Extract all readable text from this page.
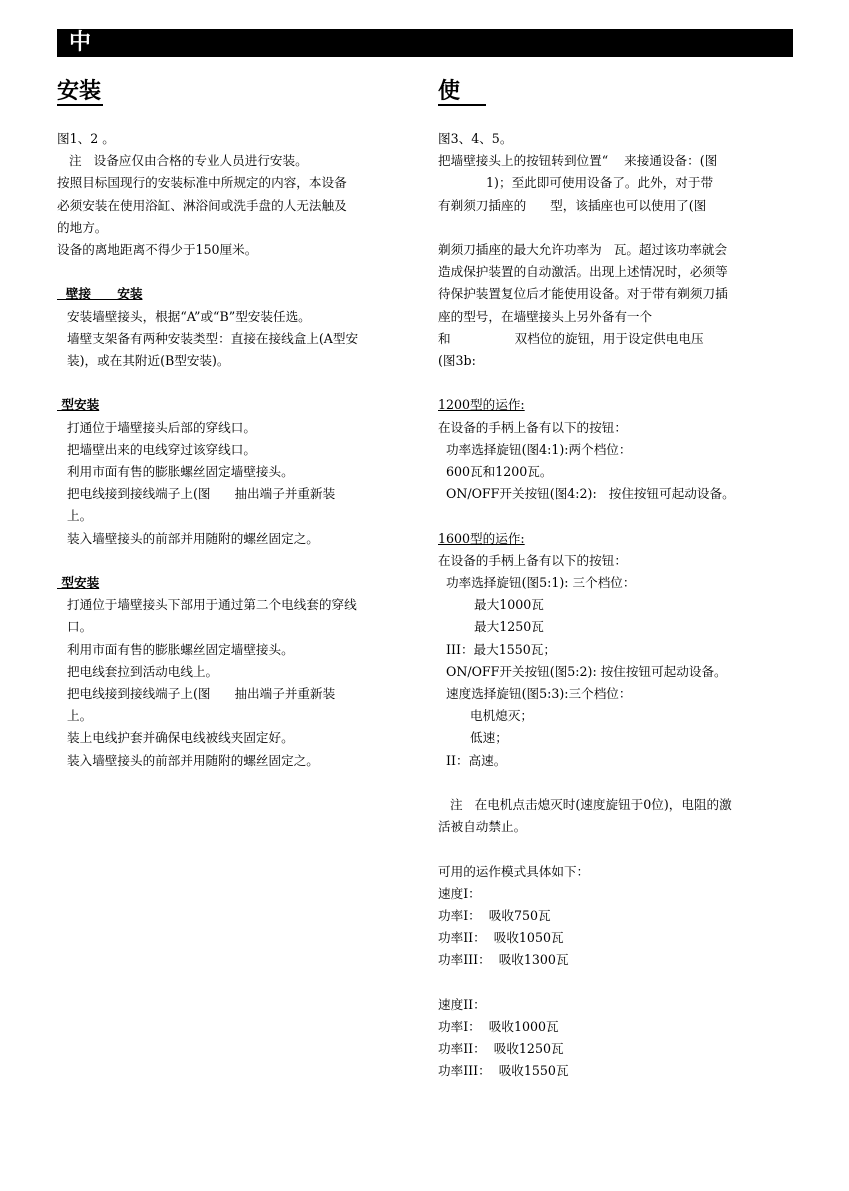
中
安装
图1、2 。
注   设备应仅由合格的专业人员进行安装。
按照目标国现行的安装标准中所规定的内容，本设备
必须安装在使用浴缸、淋浴间或洗手盘的人无法触及
的地方。
设备的离地距离不得少于150厘米。
壁接      安装
安装墙壁接头，根据“A”或“B”型安装任选。
墙壁支架备有两种安装类型：直接在接线盒上(A型安
装)，或在其附近(B型安装)。
型安装
打通位于墙壁接头后部的穿线口。
把墙壁出来的电线穿过该穿线口。
利用市面有售的膨胀螺丝固定墙壁接头。
把电线接到接线端子上(图      抽出端子并重新装
上。
装入墙壁接头的前部并用随附的螺丝固定之。
型安装
打通位于墙壁接头下部用于通过第二个电线套的穿线
口。
利用市面有售的膨胀螺丝固定墙壁接头。
把电线套拉到活动电线上。
把电线接到接线端子上(图      抽出端子并重新装
上。
装上电线护套并确保电线被线夹固定好。
装入墙壁接头的前部并用随附的螺丝固定之。
使
图3、4、5。
把墙壁接头上的按钮转到位置“    来接通设备：(图
1)；至此即可使用设备了。此外，对于带
有剃须刀插座的      型，该插座也可以使用了(图
剃须刀插座的最大允许功率为   瓦。超过该功率就会
造成保护装置的自动激活。出现上述情况时，必须等
待保护装置复位后才能使用设备。对于带有剃须刀插
座的型号，在墙壁接头上另外备有一个
和                双档位的旋钮，用于设定供电电压
(图3b:
1200型的运作:
在设备的手柄上备有以下的按钮：
功率选择旋钮(图4:1):两个档位：
600瓦和1200瓦。
ON/OFF开关按钮(图4:2):   按住按钮可起动设备。
1600型的运作:
在设备的手柄上备有以下的按钮：
功率选择旋钮(图5:1): 三个档位：
最大1000瓦
最大1250瓦
III：最大1550瓦；
ON/OFF开关按钮(图5:2): 按住按钮可起动设备。
速度选择旋钮(图5:3):三个档位：
电机熄灭；
低速；
II：高速。
注   在电机点击熄灭时(速度旋钮于0位)，电阻的激
活被自动禁止。
可用的运作模式具体如下：
速度I：
功率I：  吸收750瓦
功率II：  吸收1050瓦
功率III：  吸收1300瓦
速度II：
功率I：  吸收1000瓦
功率II：  吸收1250瓦
功率III：  吸收1550瓦
